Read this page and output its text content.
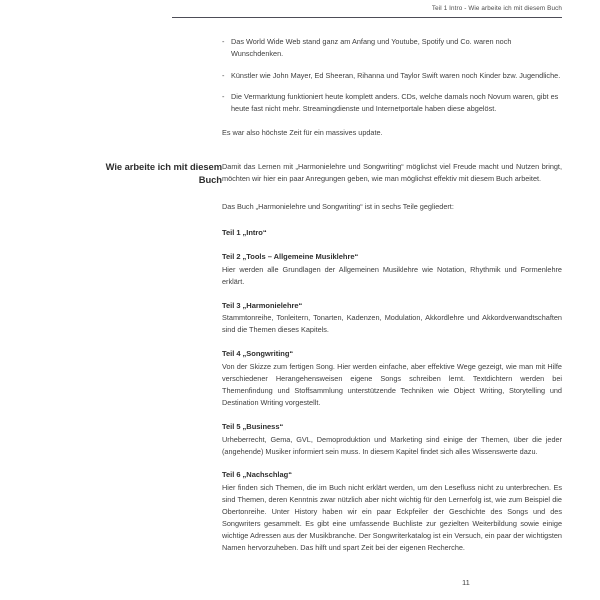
Teil 1 Intro - Wie arbeite ich mit diesem Buch
- Das World Wide Web stand ganz am Anfang und Youtube, Spotify und Co. waren noch Wunschdenken.
- Künstler wie John Mayer, Ed Sheeran, Rihanna und Taylor Swift waren noch Kinder bzw. Jugendliche.
- Die Vermarktung funktioniert heute komplett anders. CDs, welche damals noch Novum waren, gibt es heute fast nicht mehr. Streamingdienste und Internetportale haben diese abgelöst.

Es war also höchste Zeit für ein massives update.

Wie arbeite ich mit diesem Buch

Damit das Lernen mit „Harmonielehre und Songwriting“ möglichst viel Freude macht und Nutzen bringt, möchten wir hier ein paar Anregungen geben, wie man möglichst effektiv mit diesem Buch arbeitet.

Das Buch „Harmonielehre und Songwriting“ ist in sechs Teile gegliedert:

Teil 1 „Intro“

Teil 2 „Tools – Allgemeine Musiklehre“

Hier werden alle Grundlagen der Allgemeinen Musiklehre wie Notation, Rhythmik und Formenlehre erklärt.

Teil 3 „Harmonielehre“

Stammtonreihe, Tonleitern, Tonarten, Kadenzen, Modulation, Akkordlehre und Akkordverwandtschaften sind die Themen dieses Kapitels.

Teil 4 „Songwriting“

Von der Skizze zum fertigen Song. Hier werden einfache, aber effektive Wege gezeigt, wie man mit Hilfe verschiedener Herangehensweisen eigene Songs schreiben lernt. Textdichtern werden bei Themenfindung und Stoffsammlung unterstützende Techniken wie Object Writing, Storytelling und Destination Writing vorgestellt.

Teil 5 „Business“

Urheberrecht, Gema, GVL, Demoproduktion und Marketing sind einige der Themen, über die jeder (angehende) Musiker informiert sein muss. In diesem Kapitel findet sich alles Wissenswerte dazu.

Teil 6 „Nachschlag“

Hier finden sich Themen, die im Buch nicht erklärt werden, um den Lesefluss nicht zu unterbrechen. Es sind Themen, deren Kenntnis zwar nützlich aber nicht wichtig für den Lernerfolg ist, wie zum Beispiel die Obertonreihe. Unter History haben wir ein paar Eckpfeiler der Geschichte des Songs und des Songwriters gesammelt. Es gibt eine umfassende Buchliste zur gezielten Weiterbildung sowie einige wichtige Adressen aus der Musikbranche. Der Songwriterkatalog ist ein Versuch, ein paar der wichtigsten Namen hervorzuheben. Das hilft und spart Zeit bei der eigenen Recherche.

11
